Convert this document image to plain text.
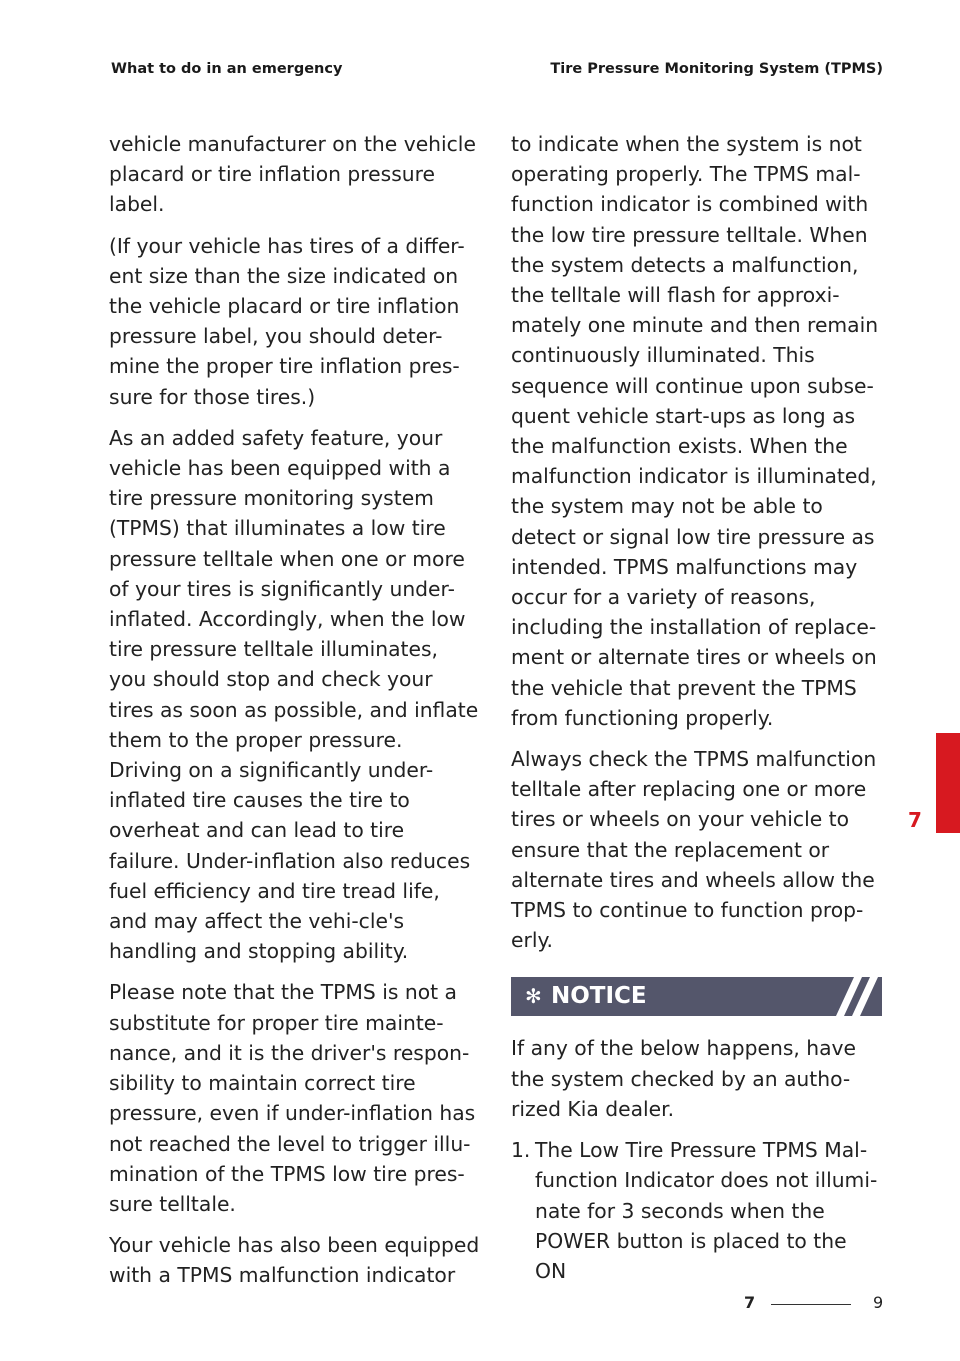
What to do in an emergency	Tire Pressure Monitoring System (TPMS)

vehicle manufacturer on the vehicle placard or tire inflation pressure label.

(If your vehicle has tires of a differ-ent size than the size indicated on the vehicle placard or tire inflation pressure label, you should deter-mine the proper tire inflation pres-sure for those tires.)

As an added safety feature, your vehicle has been equipped with a tire pressure monitoring system (TPMS) that illuminates a low tire pressure telltale when one or more of your tires is significantly under-inflated. Accordingly, when the low tire pressure telltale illuminates, you should stop and check your tires as soon as possible, and inflate them to the proper pressure. Driving on a significantly under-inflated tire causes the tire to overheat and can lead to tire failure. Under-inflation also reduces fuel efficiency and tire tread life, and may affect the vehi-cle's handling and stopping ability.

Please note that the TPMS is not a substitute for proper tire mainte-nance, and it is the driver's respon-sibility to maintain correct tire pressure, even if under-inflation has not reached the level to trigger illu-mination of the TPMS low tire pres-sure telltale.

Your vehicle has also been equipped with a TPMS malfunction indicator

to indicate when the system is not operating properly. The TPMS mal-function indicator is combined with the low tire pressure telltale. When the system detects a malfunction, the telltale will flash for approxi-mately one minute and then remain continuously illuminated. This sequence will continue upon subse-quent vehicle start-ups as long as the malfunction exists. When the malfunction indicator is illuminated, the system may not be able to detect or signal low tire pressure as intended. TPMS malfunctions may occur for a variety of reasons, including the installation of replace-ment or alternate tires or wheels on the vehicle that prevent the TPMS from functioning properly.

Always check the TPMS malfunction telltale after replacing one or more tires or wheels on your vehicle to ensure that the replacement or alternate tires and wheels allow the TPMS to continue to function prop-erly.

✻ NOTICE

If any of the below happens, have the system checked by an autho-rized Kia dealer.

1. The Low Tire Pressure TPMS Mal-function Indicator does not illumi-nate for 3 seconds when the POWER button is placed to the ON
7
7	9
